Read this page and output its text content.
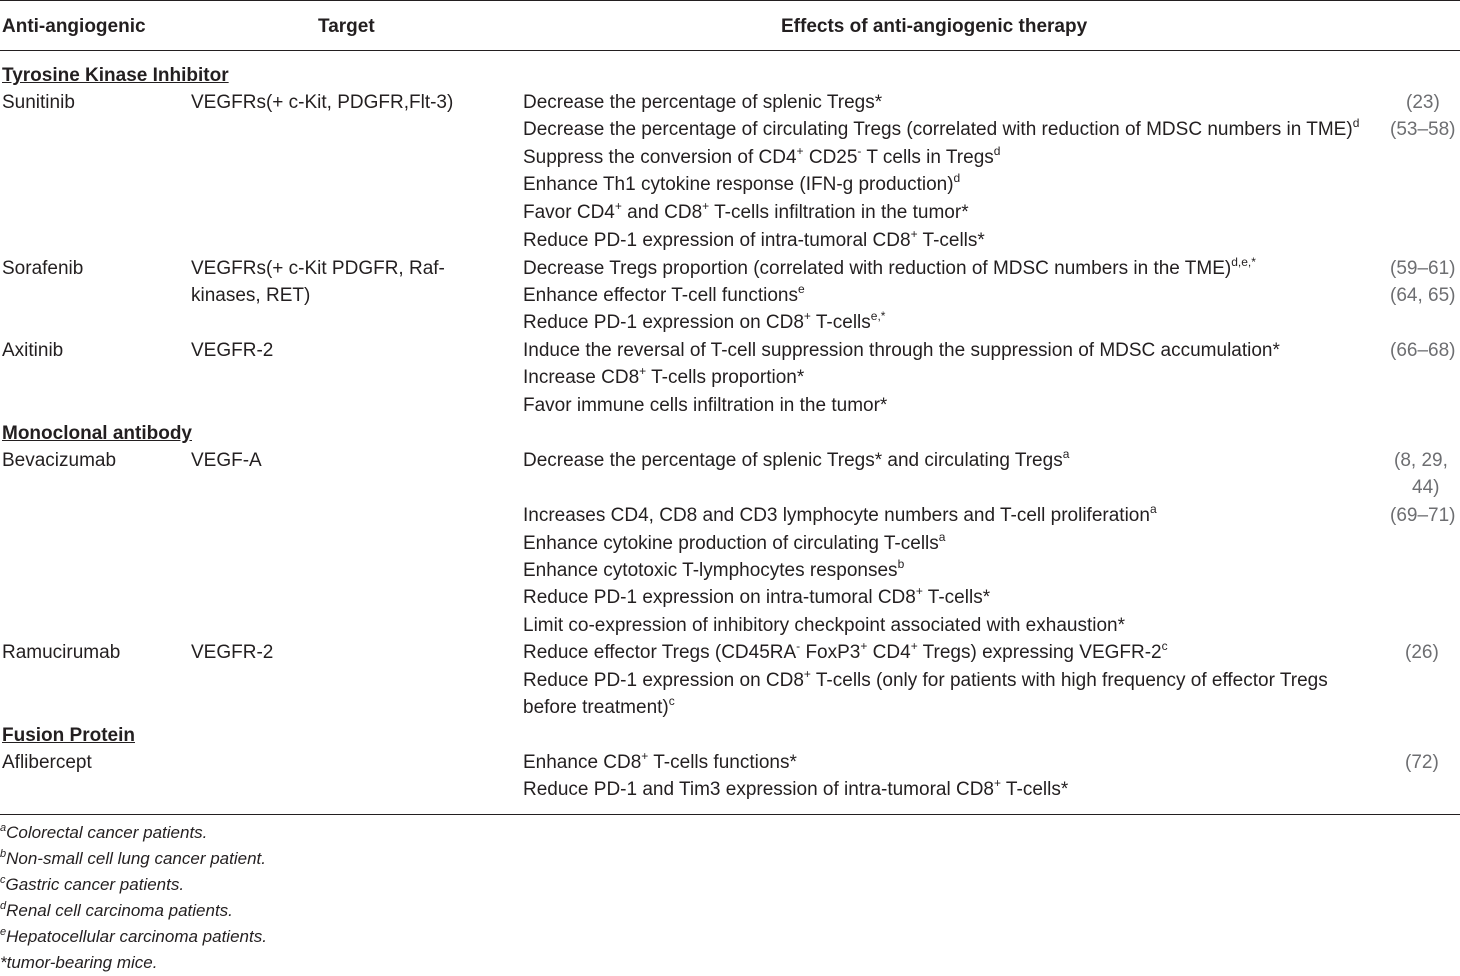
Anti-angiogenic	Target	Effects of anti-angiogenic therapy
Tyrosine Kinase Inhibitor
Sunitinib	VEGFRs(+ c-Kit, PDGFR,Flt-3)	Decrease the percentage of splenic Tregs*	(23)
Decrease the percentage of circulating Tregs (correlated with reduction of MDSC numbers in TME)$^d$ (53–58)
Suppress the conversion of CD4+ CD25- T cells in Tregs$^d$
Enhance Th1 cytokine response (IFN-g production)$^d$
Favor CD4+ and CD8+ T-cells infiltration in the tumor*
Reduce PD-1 expression of intra-tumoral CD8+ T-cells*
Sorafenib	VEGFRs(+ c-Kit PDGFR, Raf-
kinases, RET)
Decrease Tregs proportion (correlated with reduction of MDSC numbers in the TME)$^{d,e,*}$	(59–61)
Enhance effector T-cell functions$^e$	(64, 65)
Reduce PD-1 expression on CD8+ T-cells$^{e,*}$
Axitinib	VEGFR-2	Induce the reversal of T-cell suppression through the suppression of MDSC accumulation*	(66–68)
Increase CD8+ T-cells proportion*
Favor immune cells infiltration in the tumor*
Monoclonal antibody
Bevacizumab	VEGF-A	Decrease the percentage of splenic Tregs* and circulating Tregs$^a$	(8, 29,
44)
Increases CD4, CD8 and CD3 lymphocyte numbers and T-cell proliferation$^a$	(69–71)
Enhance cytokine production of circulating T-cells$^a$
Enhance cytotoxic T-lymphocytes responses$^b$
Reduce PD-1 expression on intra-tumoral CD8+ T-cells*
Limit co-expression of inhibitory checkpoint associated with exhaustion*
Ramucirumab	VEGFR-2	Reduce effector Tregs (CD45RA- FoxP3+ CD4+ Tregs) expressing VEGFR-2$^c$	(26)
Reduce PD-1 expression on CD8+ T-cells (only for patients with high frequency of effector Tregs
before treatment)$^c$
Fusion Protein
Aflibercept	Enhance CD8+ T-cells functions*	(72)
Reduce PD-1 and Tim3 expression of intra-tumoral CD8+ T-cells*
$^a$Colorectal cancer patients.
$^b$Non-small cell lung cancer patient.
$^c$Gastric cancer patients.
$^d$Renal cell carcinoma patients.
$^e$Hepatocellular carcinoma patients.
*tumor-bearing mice.
